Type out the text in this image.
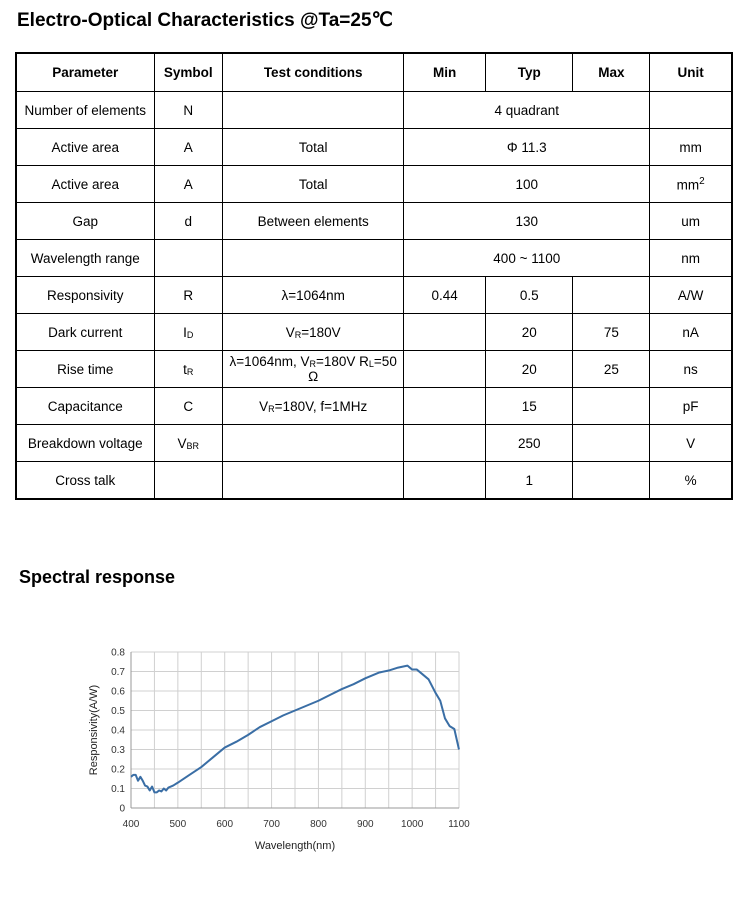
Electro-Optical Characteristics @Ta=25℃
Parameter	Symbol	Test conditions	Min	Typ	Max	Unit
Number of elements	N		4 quadrant			
Active area	A	Total	Φ 11.3			mm
Active area	A	Total	100			$mm^2$
Gap	d	Between elements	130			um
Wavelength range			400 ~ 1100			nm
Responsivity	R	λ=1064nm	0.44	0.5		A/W
Dark current	$I_D$	$V_R=180V$		20	75	nA
Rise time	$t_R$	λ=1064nm, $V_R=180V$ $R_L=50$ Ω		20	25	ns
Capacitance	C	$V_R=180V$, f=1MHz		15		pF
Breakdown voltage	$V_{BR}$			250		V
Cross talk				1		%
Spectral response
0
0.1
0.2
0.3
0.4
0.5
0.6
0.7
0.8
400	500	600	700	800	900	1000 1100
Wavelength(nm)
Responsivity(A/W)
